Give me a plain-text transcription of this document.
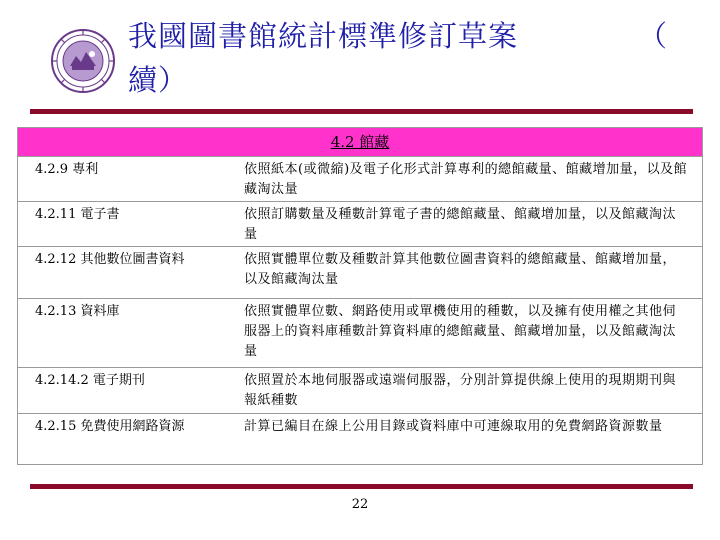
我國圖書館統計標準修訂草案	（
續）
4.2 館藏
4.2.9 專利	依照紙本(或微縮)及電子化形式計算專利的總館藏量、館藏增加量，以及館藏淘汰量
4.2.11 電子書	依照訂購數量及種數計算電子書的總館藏量、館藏增加量，以及館藏淘汰量
4.2.12 其他數位圖書資料	依照實體單位數及種數計算其他數位圖書資料的總館藏量、館藏增加量，以及館藏淘汰量
4.2.13 資料庫	依照實體單位數、網路使用或單機使用的種數，以及擁有使用權之其他伺服器上的資料庫種數計算資料庫的總館藏量、館藏增加量，以及館藏淘汰量
4.2.14.2 電子期刊	依照置於本地伺服器或遠端伺服器，分別計算提供線上使用的現期期刊與報紙種數
4.2.15 免費使用網路資源	計算已編目在線上公用目錄或資料庫中可連線取用的免費網路資源數量
22
